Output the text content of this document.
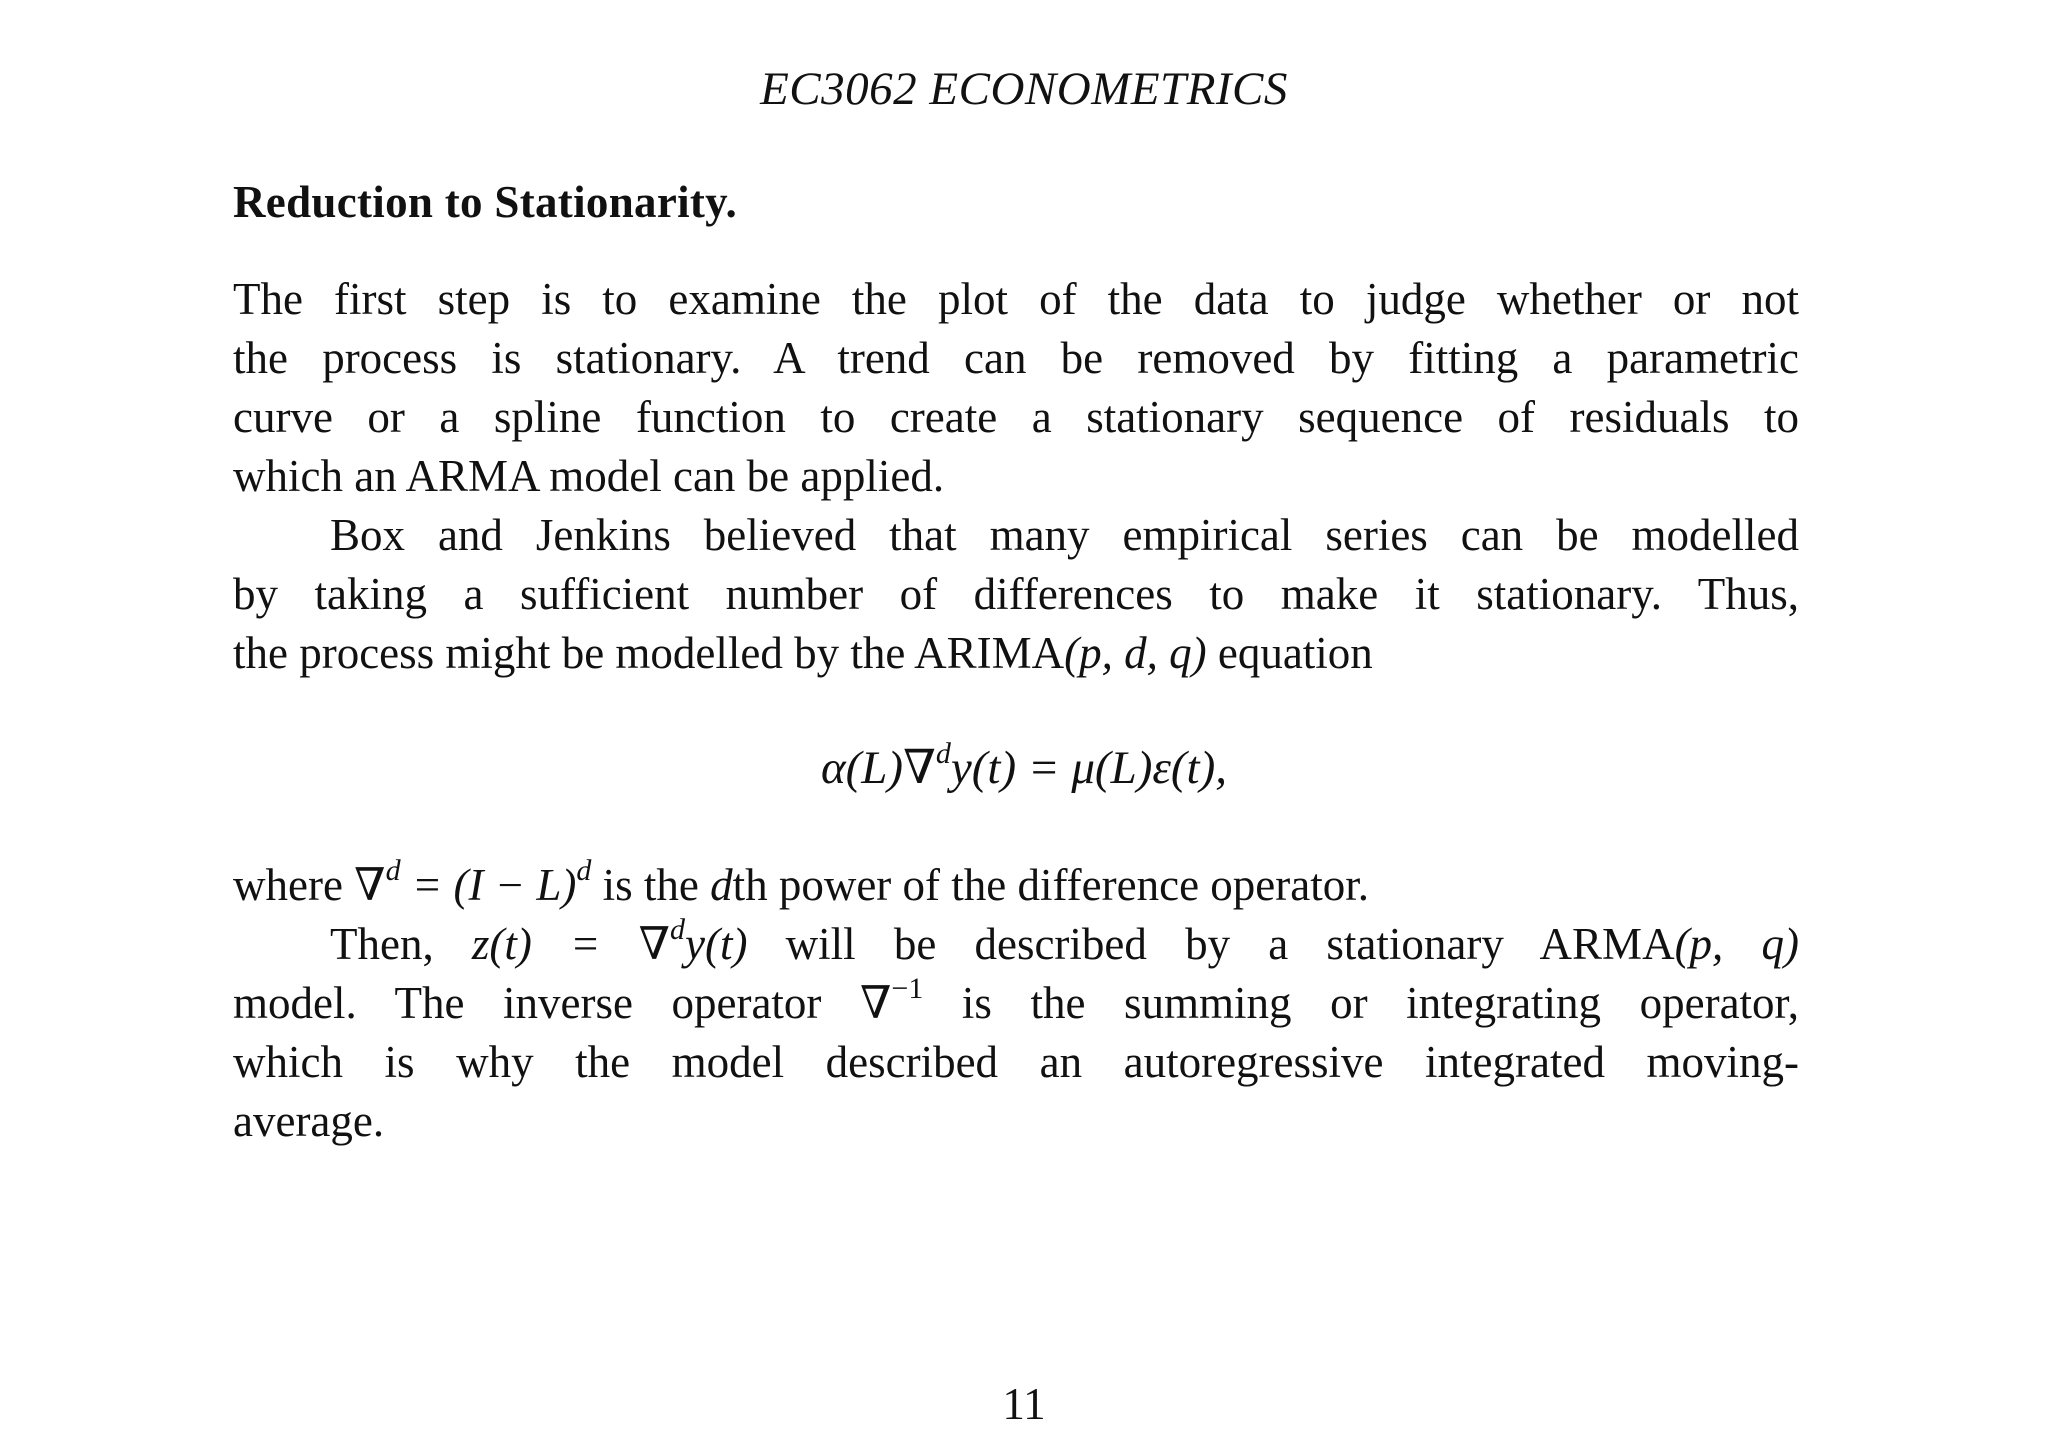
EC3062 ECONOMETRICS
Reduction to Stationarity.
The first step is to examine the plot of the data to judge whether or not
the process is stationary. A trend can be removed by fitting a parametric
curve or a spline function to create a stationary sequence of residuals to
which an ARMA model can be applied.
Box and Jenkins believed that many empirical series can be modelled
by taking a sufficient number of differences to make it stationary. Thus,
the process might be modelled by the ARIMA(p, d, q) equation
α(L)∇$^d$y(t) = μ(L)ε(t),
where $\nabla^d = (I - L)^d$ is the dth power of the difference operator.
Then, z(t) = ∇$^d$y(t) will be described by a stationary ARMA(p, q)
model. The inverse operator ∇$^{-1}$ is the summing or integrating operator,
which is why the model described an autoregressive integrated moving-
average.
11
